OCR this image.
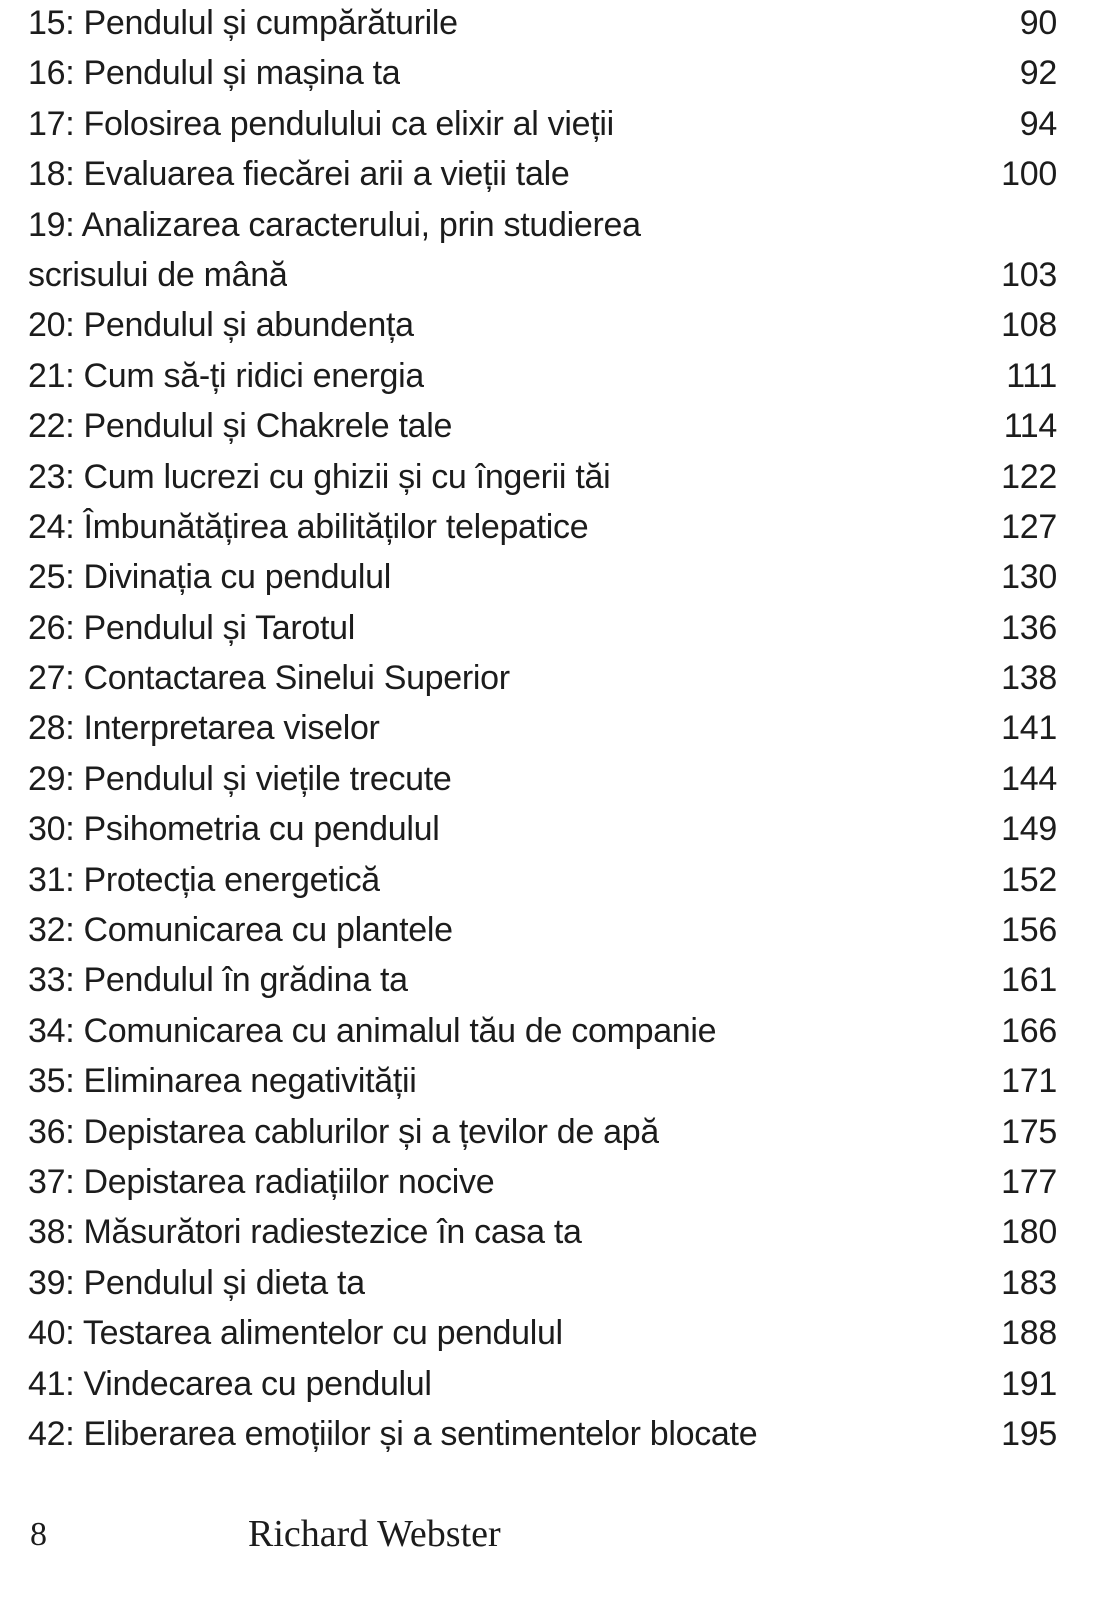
15: Pendulul și cumpărăturile	90
16: Pendulul și mașina ta	92
17: Folosirea pendulului ca elixir al vieții	94
18: Evaluarea fiecărei arii a vieții tale	100
19: Analizarea caracterului, prin studierea
scrisului de mână	103
20: Pendulul și abundența	108
21: Cum să-ți ridici energia	111
22: Pendulul și Chakrele tale	114
23: Cum lucrezi cu ghizii și cu îngerii tăi	122
24: Îmbunătățirea abilităților telepatice	127
25: Divinația cu pendulul	130
26: Pendulul și Tarotul	136
27: Contactarea Sinelui Superior	138
28: Interpretarea viselor	141
29: Pendulul și viețile trecute	144
30: Psihometria cu pendulul	149
31: Protecția energetică	152
32: Comunicarea cu plantele	156
33: Pendulul în grădina ta	161
34: Comunicarea cu animalul tău de companie	166
35: Eliminarea negativității	171
36: Depistarea cablurilor și a țevilor de apă	175
37: Depistarea radiațiilor nocive	177
38: Măsurători radiestezice în casa ta	180
39: Pendulul și dieta ta	183
40: Testarea alimentelor cu pendulul	188
41: Vindecarea cu pendulul	191
42: Eliberarea emoțiilor și a sentimentelor blocate	195
8	Richard Webster
